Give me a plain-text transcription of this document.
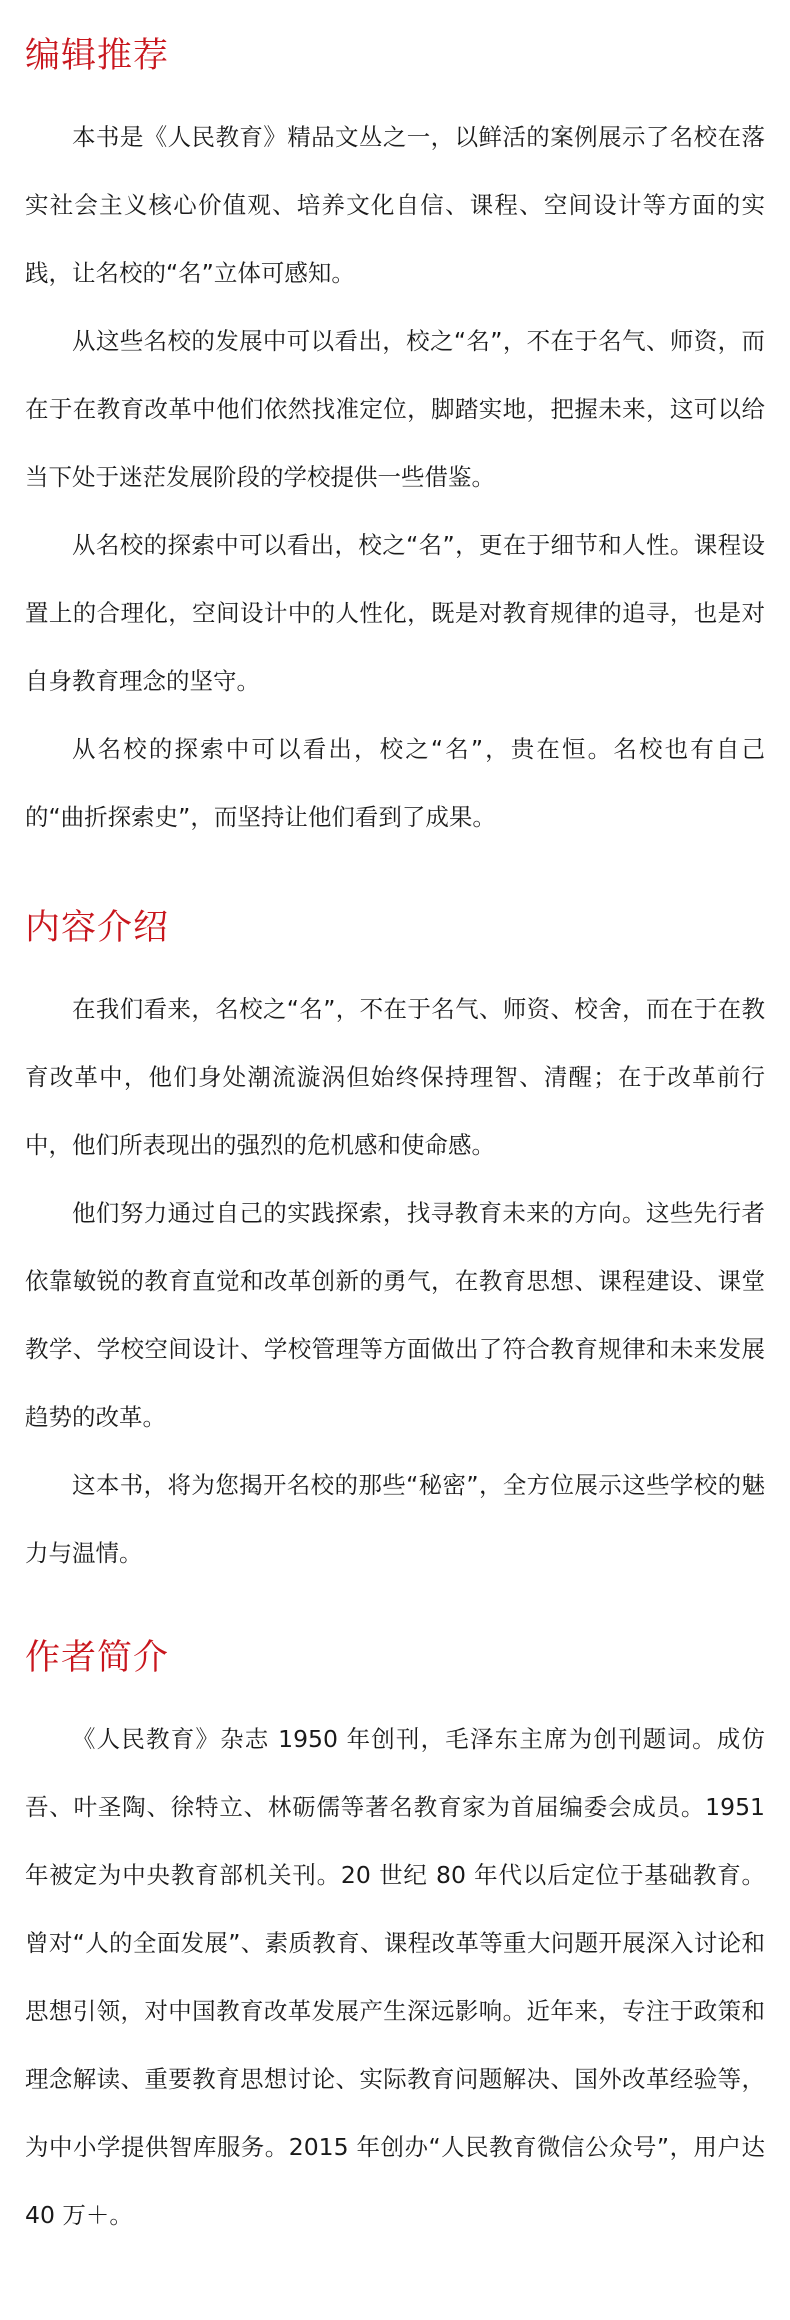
编辑推荐

本书是《人民教育》精品文丛之一，以鲜活的案例展示了名校在落实社会主义核心价值观、培养文化自信、课程、空间设计等方面的实践，让名校的“名”立体可感知。

从这些名校的发展中可以看出，校之“名”，不在于名气、师资，而在于在教育改革中他们依然找准定位，脚踏实地，把握未来，这可以给当下处于迷茫发展阶段的学校提供一些借鉴。

从名校的探索中可以看出，校之“名”，更在于细节和人性。课程设置上的合理化，空间设计中的人性化，既是对教育规律的追寻，也是对自身教育理念的坚守。

从名校的探索中可以看出，校之“名”，贵在恒。名校也有自己的“曲折探索史”，而坚持让他们看到了成果。

内容介绍

在我们看来，名校之“名”，不在于名气、师资、校舍，而在于在教育改革中，他们身处潮流漩涡但始终保持理智、清醒；在于改革前行中，他们所表现出的强烈的危机感和使命感。

他们努力通过自己的实践探索，找寻教育未来的方向。这些先行者依靠敏锐的教育直觉和改革创新的勇气，在教育思想、课程建设、课堂教学、学校空间设计、学校管理等方面做出了符合教育规律和未来发展趋势的改革。

这本书，将为您揭开名校的那些“秘密”，全方位展示这些学校的魅力与温情。

作者简介

《人民教育》杂志 1950 年创刊，毛泽东主席为创刊题词。成仿吾、叶圣陶、徐特立、林砺儒等著名教育家为首届编委会成员。1951 年被定为中央教育部机关刊。20 世纪 80 年代以后定位于基础教育。曾对“人的全面发展”、素质教育、课程改革等重大问题开展深入讨论和思想引领，对中国教育改革发展产生深远影响。近年来，专注于政策和理念解读、重要教育思想讨论、实际教育问题解决、国外改革经验等，为中小学提供智库服务。2015 年创办“人民教育微信公众号”，用户达 40 万＋。
